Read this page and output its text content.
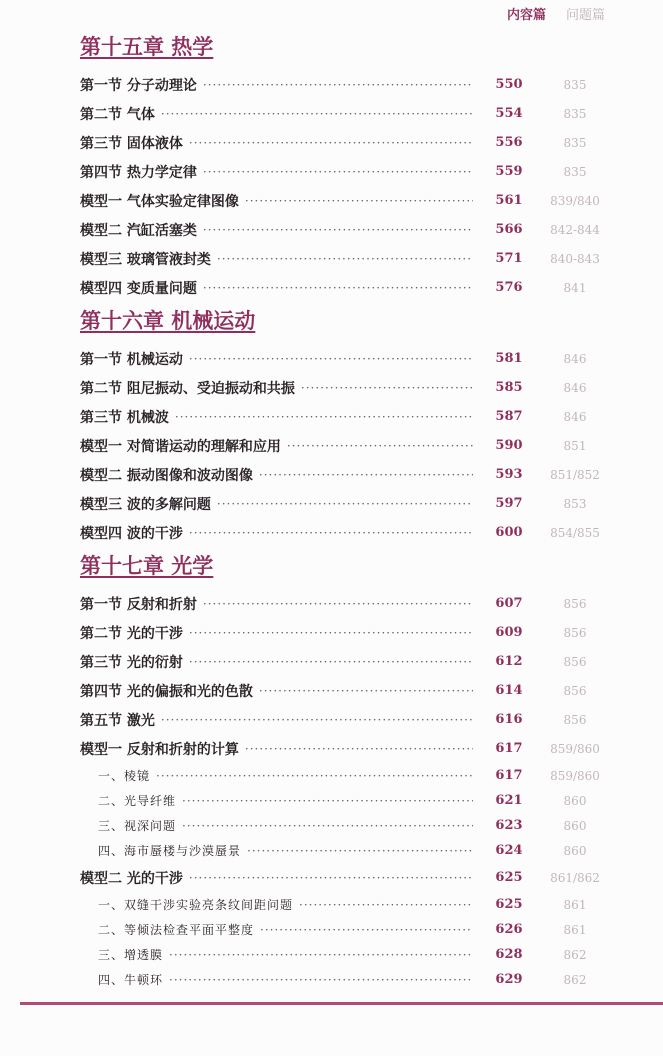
内容篇 问题篇
第十五章 热学
第一节 分子动理论 ·····	550	835
第二节 气体 ·····	554	835
第三节 固体液体 ·····	556	835
第四节 热力学定律 ·····	559	835
模型一 气体实验定律图像 ·····	561	839/840
模型二 汽缸活塞类 ·····	566	842-844
模型三 玻璃管液封类 ·····	571	840-843
模型四 变质量问题 ·····	576	841
第十六章 机械运动
第一节 机械运动 ·····	581	846
第二节 阻尼振动、受迫振动和共振 ·····	585	846
第三节 机械波 ·····	587	846
模型一 对简谐运动的理解和应用 ·····	590	851
模型二 振动图像和波动图像 ·····	593	851/852
模型三 波的多解问题 ·····	597	853
模型四 波的干涉 ·····	600	854/855
第十七章 光学
第一节 反射和折射 ·····	607	856
第二节 光的干涉 ·····	609	856
第三节 光的衍射 ·····	612	856
第四节 光的偏振和光的色散 ·····	614	856
第五节 激光 ·····	616	856
模型一 反射和折射的计算 ·····	617	859/860
一、棱镜 ·····	617	859/860
二、光导纤维 ·····	621	860
三、视深问题 ·····	623	860
四、海市蜃楼与沙漠蜃景 ·····	624	860
模型二 光的干涉 ·····	625	861/862
一、双缝干涉实验亮条纹间距问题 ·····	625	861
二、等倾法检查平面平整度 ·····	626	861
三、增透膜 ·····	628	862
四、牛顿环 ·····	629	862
